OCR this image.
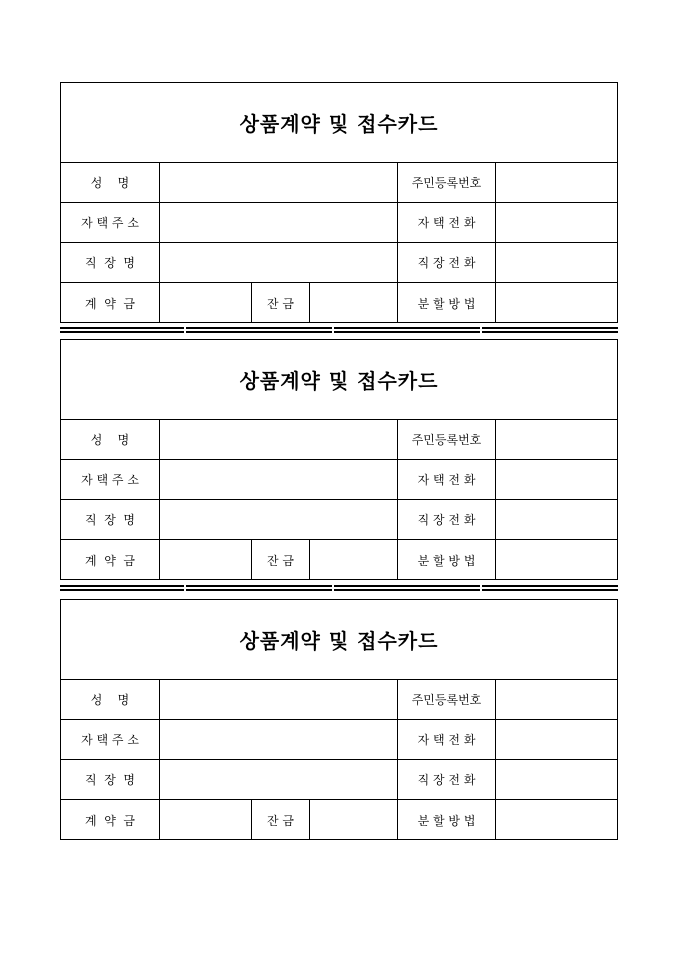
상품계약 및 접수카드
성    명	주민등록번호
자 택 주 소	자 택 전 화
직  장  명	직 장 전 화
계  약  금	잔 금	분 할 방 법
상품계약 및 접수카드
성    명	주민등록번호
자 택 주 소	자 택 전 화
직  장  명	직 장 전 화
계  약  금	잔 금	분 할 방 법
상품계약 및 접수카드
성    명	주민등록번호
자 택 주 소	자 택 전 화
직  장  명	직 장 전 화
계  약  금	잔 금	분 할 방 법
